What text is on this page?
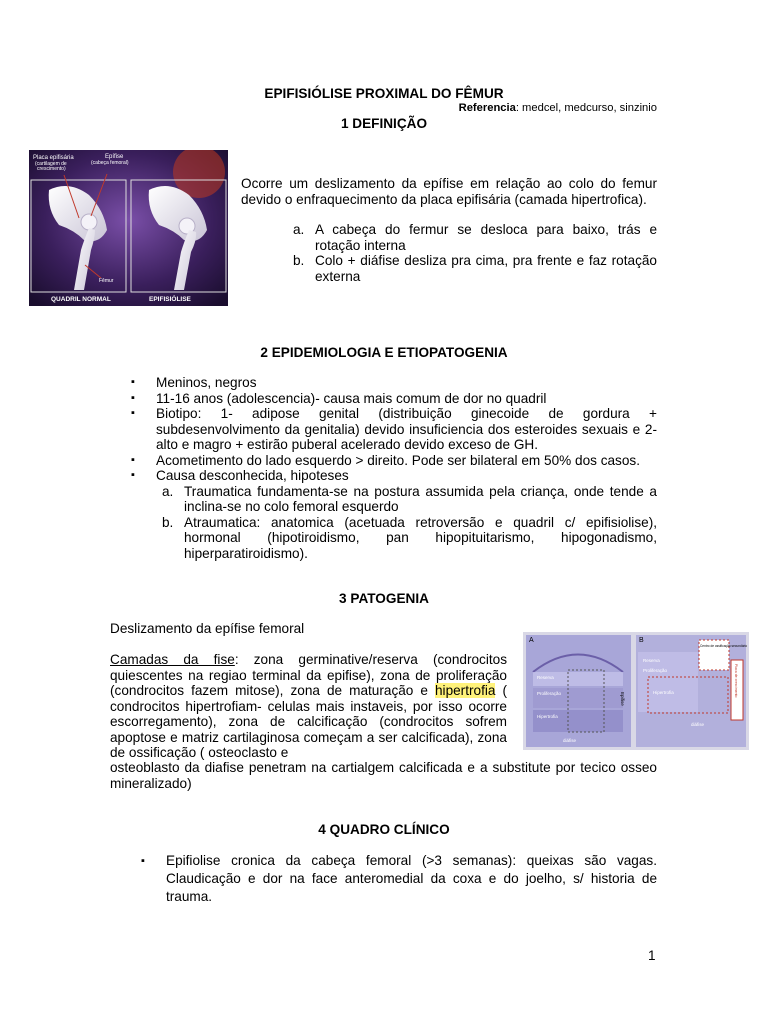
EPIFISIÓLISE PROXIMAL DO FÊMUR
Referencia: medcel, medcurso, sinzinio
1 DEFINIÇÃO
Placa epifisária
(cartilagem de
crescimento)
Epífise
(cabeça femoral)
Fêmur
QUADRIL NORMAL	EPIFISIÓLISE
Ocorre um deslizamento da epífise em relação ao colo do femur devido o enfraquecimento da placa epifisária (camada hipertrofica).
a. A cabeça do fermur se desloca para baixo, trás e rotação interna
b. Colo + diáfise desliza pra cima, pra frente e faz rotação externa
2 EPIDEMIOLOGIA E ETIOPATOGENIA
▪ Meninos, negros
▪ 11-16 anos (adolescencia)- causa mais comum de dor no quadril
▪ Biotipo: 1- adipose genital (distribuição ginecoide de gordura + subdesenvolvimento da genitalia) devido insuficiencia dos esteroides sexuais e 2- alto e magro + estirão puberal acelerado devido exceso de GH.
▪ Acometimento do lado esquerdo > direito. Pode ser bilateral em 50% dos casos.
▪ Causa desconhecida, hipoteses
a. Traumatica fundamenta-se na postura assumida pela criança, onde tende a inclina-se no colo femoral esquerdo
b. Atraumatica: anatomica (acetuada retroversão e quadril c/ epifisiolise), hormonal (hipotiroidismo, pan hipopituitarismo, hipogonadismo, hiperparatiroidismo).
3 PATOGENIA
Deslizamento da epífise femoral
A	B
Reserva
Proliferação
Hipertrofia
Epífise
diáfise
Reserva
Proliferação
Hipertrofia
diáfise
Centro de ossificação secundário
Placa de crescimento
Camadas da fise: zona germinative/reserva (condrocitos quiescentes na regiao terminal da epifise), zona de proliferação (condrocitos fazem mitose), zona de maturação e hipertrofia ( condrocitos hipertrofiam- celulas mais instaveis, por isso ocorre escorregamento), zona de calcificação (condrocitos sofrem apoptose e matriz cartilaginosa começam a ser calcificada), zona de ossificação ( osteoclasto e
osteoblasto da diafise penetram na cartialgem calcificada e a substitute por tecico osseo mineralizado)
4 QUADRO CLÍNICO
▪ Epifiolise cronica da cabeça femoral (>3 semanas): queixas são vagas. Claudicação e dor na face anteromedial da coxa e do joelho, s/ historia de trauma.
1
